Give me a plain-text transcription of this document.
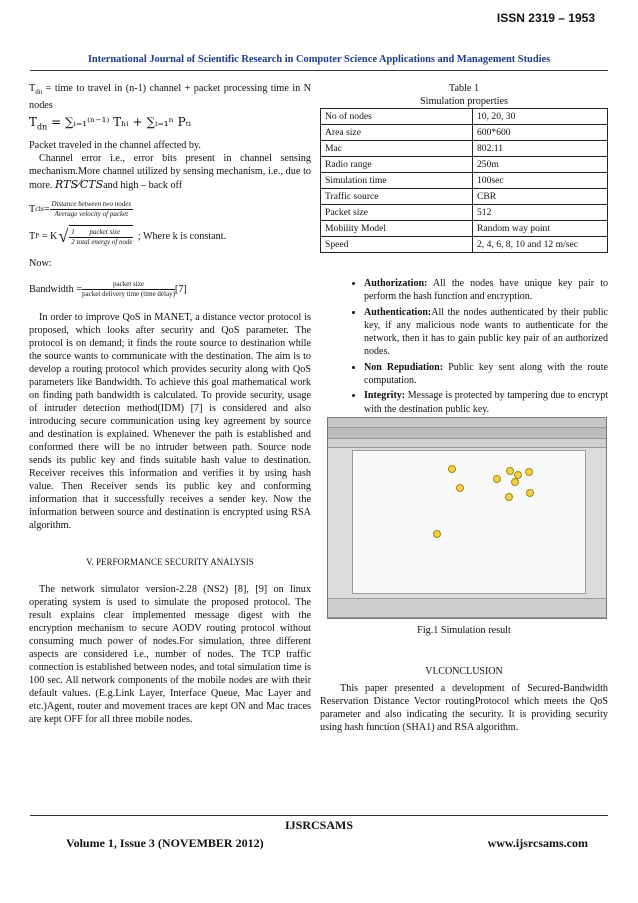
ISSN 2319 – 1953
International Journal of Scientific Research in Computer Science Applications and Management Studies

$T_{dn}$ = time to travel in (n-1) channel + packet processing time in N nodes

$T_{dn}$ = ∑ᵢ₌₁⁽ⁿ⁻¹⁾ Tₕᵢ + ∑ᵢ₌₁ⁿ Pₜᵢ

Packet traveled in the channel affected by.

Channel error i.e., error bits present in channel sensing mechanism.More channel utilized by sensing mechanism, i.e., due to more. RTS⁄CTSand high – back off

T chi = $\frac{\text{Distance between two nodes}}{\text{Average velocity of packet}}$

T P
= K √ $\frac{1}{2} \frac{\text{packet size}}{\text{total energy of node}}$
; Where k is constant.

Now:

Bandwidth = $\frac{\text{packet size}}{\text{packet delivery time (time delay)}} [7]$

In order to improve QoS in MANET, a distance vector protocol is proposed, which looks after security and QoS parameter. The protocol is on demand; it finds the route source to destination while the source wants to communicate with the destination. The aim is to develop a routing protocol which provides security along with QoS parameters like Bandwidth. To achieve this goal mathematical work on finding path bandwidth is calculated. To provide security, usage of intruder detection method(IDM) [7] is considered and also introducing secure communication using key agreement by source and destination is explained. Whenever the path is established and conformed there will be no intruder between path. Source node sends its public key and finds suitable hash value to destination. Receiver receives this information and verifies it by using hash value. Then Receiver sends its public key and conforming information that it successfully receives a sender key. Now the information between source and destination is encrypted using RSA algorithm.

V. PERFORMANCE SECURITY ANALYSIS

The network simulator version-2.28 (NS2) [8], [9] on linux operating system is used to simulate the proposed protocol. The result explains clear implemented message digest with the encryption mechanism to secure AODV routing protocol without consuming much power of nodes.For simulation, three different aspects are considered i.e., number of nodes. The TCP traffic connection is established between nodes, and total simulation time is 100 sec. All network components of the mobile nodes are with their default values. (E.g.Link Layer, Interface Queue, Mac Layer and etc.)Agent, router and movement traces are kept ON and Mac traces are kept OFF for all three mobile nodes.

Table 1

Simulation properties

No of nodes	10, 20, 30
Area size	600*600
Mac	802.11
Radio range	250m
Simulation time	100sec
Traffic source	CBR
Packet size	512
Mobility Model	Random way point
Speed	2, 4, 6, 8, 10 and 12 m/sec
• Authorization: All the nodes have unique key pair to perform the hash function and encryption.
• Authentication:All the nodes authenticated by their public key, if any malicious node wants to authenticate for the network, then it has to gain public key pair of an authorized nodes.
• Non Repudiation: Public key sent along with the route computation.
• Integrity: Message is protected by tampering due to encrypt with the destination public key.
Fig.1 Simulation result

VI.CONCLUSION

This paper presented a development of Secured-Bandwidth Reservation Distance Vector routingProtocol which meets the QoS parameter and also indicating the security. It is providing security using hash function (SHA1) and RSA algorithm.

IJSRCSAMS
Volume 1, Issue 3 (NOVEMBER 2012)	www.ijsrcsams.com
